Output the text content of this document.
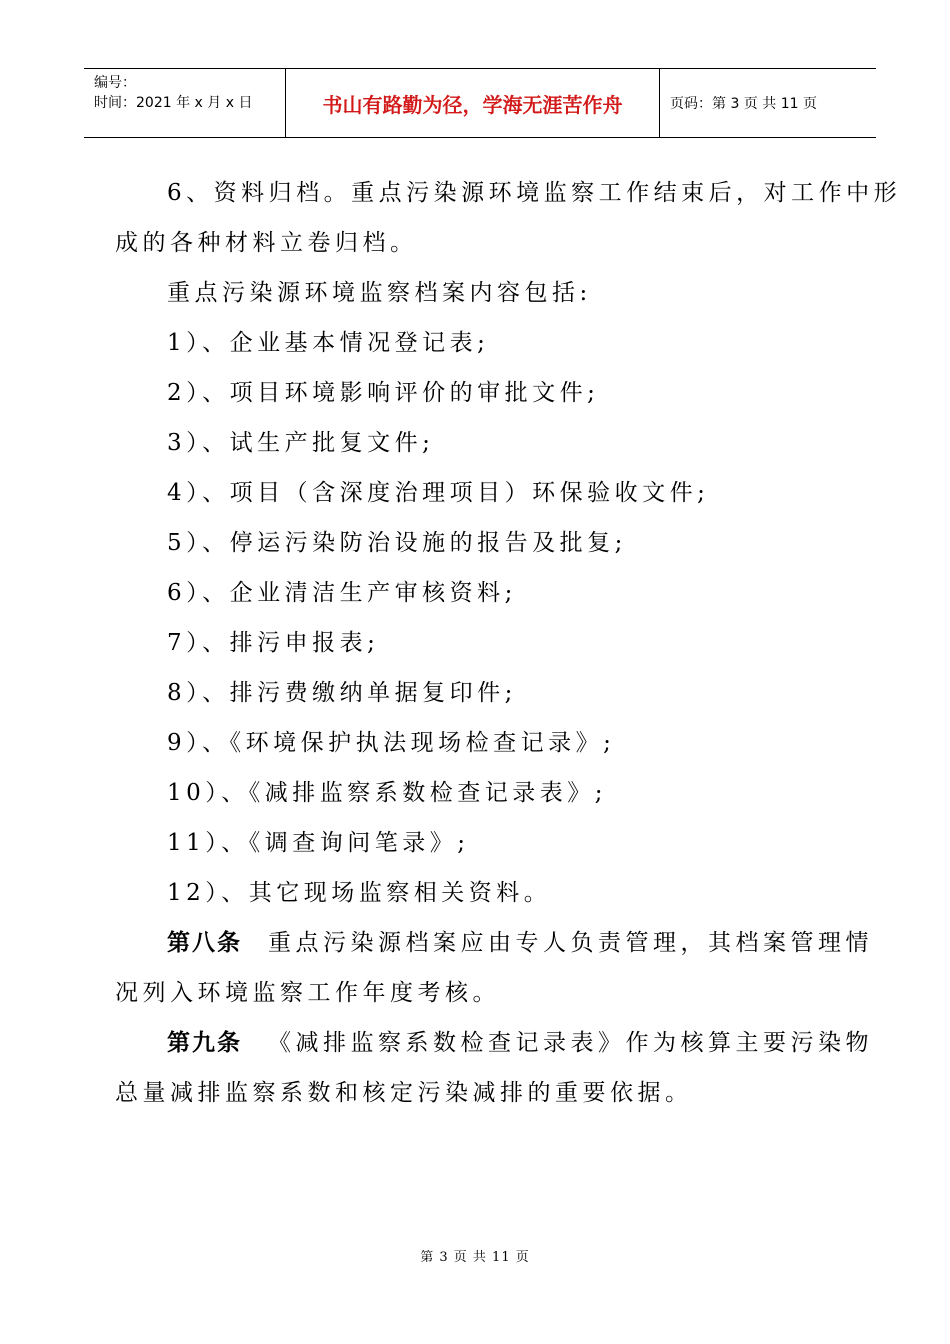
编号：
时间：2021 年 x 月 x 日	书山有路勤为径，学海无涯苦作舟	页码：第 3 页 共 11 页
6、资料归档。重点污染源环境监察工作结束后，对工作中形
成的各种材料立卷归档。
重点污染源环境监察档案内容包括:
1）、企业基本情况登记表;
2）、项目环境影响评价的审批文件;
3）、试生产批复文件;
4）、项目（含深度治理项目）环保验收文件;
5）、停运污染防治设施的报告及批复;
6）、企业清洁生产审核资料;
7）、排污申报表;
8）、排污费缴纳单据复印件;
9）、《环境保护执法现场检查记录》;
10）、《减排监察系数检查记录表》;
11）、《调查询问笔录》;
12）、其它现场监察相关资料。
第八条 重点污染源档案应由专人负责管理，其档案管理情
况列入环境监察工作年度考核。
第九条 《减排监察系数检查记录表》作为核算主要污染物
总量减排监察系数和核定污染减排的重要依据。
第 3 页 共 11 页
